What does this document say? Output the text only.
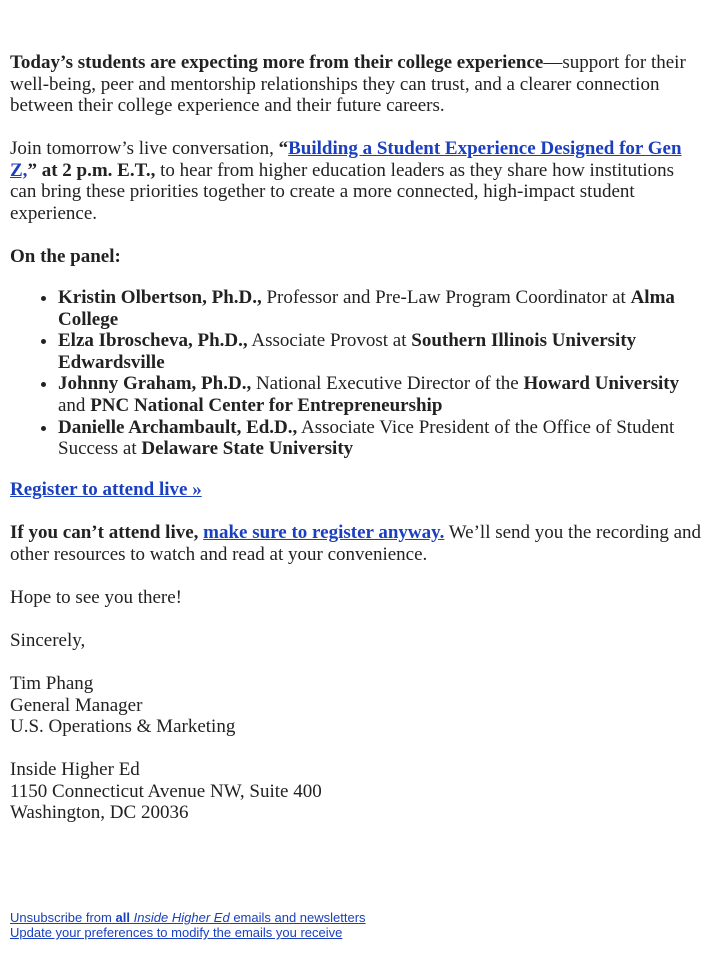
Today’s students are expecting more from their college experience—support for their well-being, peer and mentorship relationships they can trust, and a clearer connection between their college experience and their future careers.

Join tomorrow’s live conversation, “Building a Student Experience Designed for Gen Z,” at 2 p.m. E.T., to hear from higher education leaders as they share how institutions can bring these priorities together to create a more connected, high-impact student experience.

On the panel:

• Kristin Olbertson, Ph.D., Professor and Pre-Law Program Coordinator at Alma College
• Elza Ibroscheva, Ph.D., Associate Provost at Southern Illinois University Edwardsville
• Johnny Graham, Ph.D., National Executive Director of the Howard University and PNC National Center for Entrepreneurship
• Danielle Archambault, Ed.D., Associate Vice President of the Office of Student Success at Delaware State University

Register to attend live »

If you can’t attend live, make sure to register anyway. We’ll send you the recording and other resources to watch and read at your convenience.

Hope to see you there!

Sincerely,

Tim Phang
General Manager
U.S. Operations & Marketing
Inside Higher Ed
1150 Connecticut Avenue NW, Suite 400
Washington, DC 20036
Unsubscribe from all Inside Higher Ed emails and newsletters
Update your preferences to modify the emails you receive
